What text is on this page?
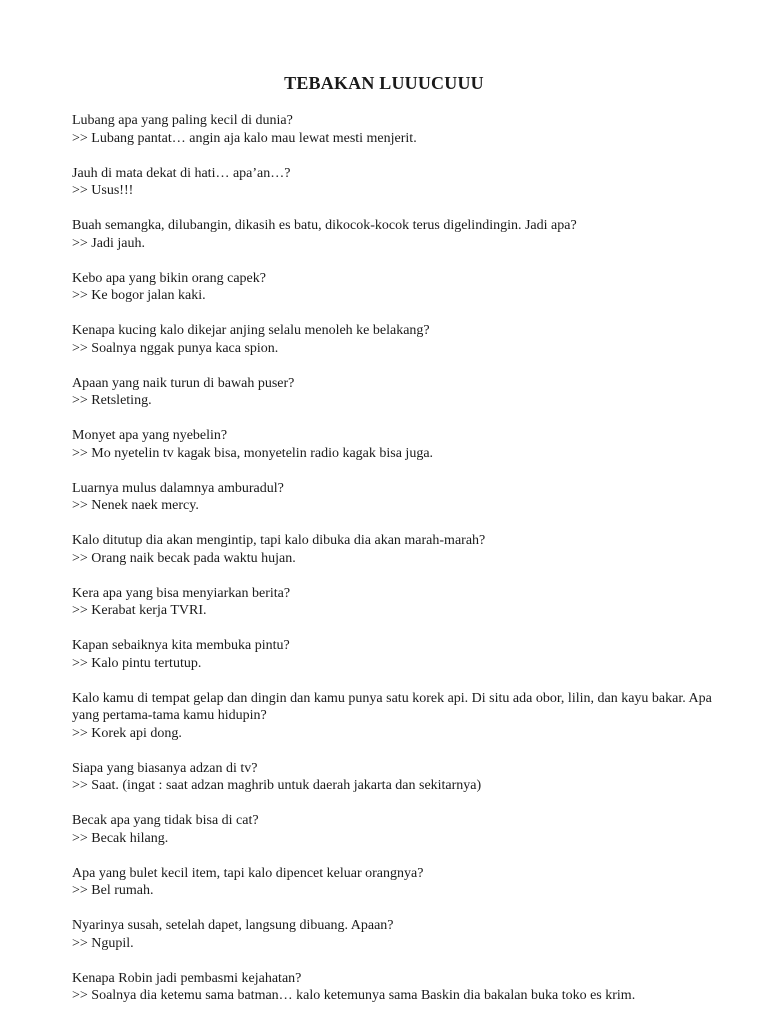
TEBAKAN LUUUCUUU
Lubang apa yang paling kecil di dunia?
>> Lubang pantat… angin aja kalo mau lewat mesti menjerit.
Jauh di mata dekat di hati… apa’an…?
>> Usus!!!
Buah semangka, dilubangin, dikasih es batu, dikocok-kocok terus digelindingin. Jadi apa?
>> Jadi jauh.
Kebo apa yang bikin orang capek?
>> Ke bogor jalan kaki.
Kenapa kucing kalo dikejar anjing selalu menoleh ke belakang?
>> Soalnya nggak punya kaca spion.
Apaan yang naik turun di bawah puser?
>> Retsleting.
Monyet apa yang nyebelin?
>> Mo nyetelin tv kagak bisa, monyetelin radio kagak bisa juga.
Luarnya mulus dalamnya amburadul?
>> Nenek naek mercy.
Kalo ditutup dia akan mengintip, tapi kalo dibuka dia akan marah-marah?
>> Orang naik becak pada waktu hujan.
Kera apa yang bisa menyiarkan berita?
>> Kerabat kerja TVRI.
Kapan sebaiknya kita membuka pintu?
>> Kalo pintu tertutup.
Kalo kamu di tempat gelap dan dingin dan kamu punya satu korek api. Di situ ada obor, lilin, dan kayu bakar. Apa yang pertama-tama kamu hidupin?
>> Korek api dong.
Siapa yang biasanya adzan di tv?
>> Saat. (ingat : saat adzan maghrib untuk daerah jakarta dan sekitarnya)
Becak apa yang tidak bisa di cat?
>> Becak hilang.
Apa yang bulet kecil item, tapi kalo dipencet keluar orangnya?
>> Bel rumah.
Nyarinya susah, setelah dapet, langsung dibuang. Apaan?
>> Ngupil.
Kenapa Robin jadi pembasmi kejahatan?
>> Soalnya dia ketemu sama batman… kalo ketemunya sama Baskin dia bakalan buka toko es krim.
